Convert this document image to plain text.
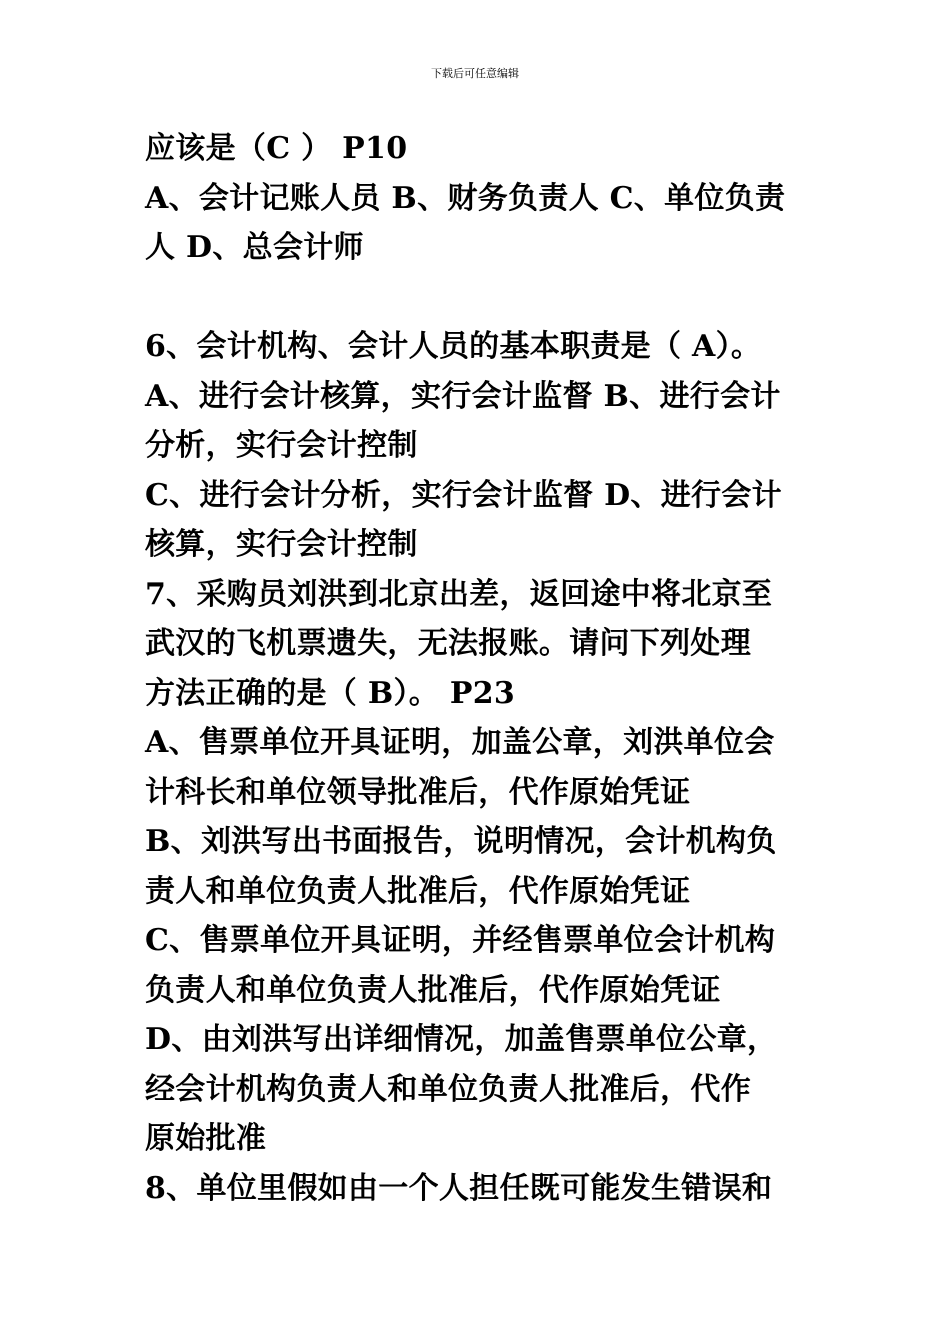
下载后可任意编辑
应该是（C ） P10
A、会计记账人员 B、财务负责人 C、单位负责
人 D、总会计师
6、会计机构、会计人员的基本职责是（ A）。
A、进行会计核算，实行会计监督 B、进行会计
分析，实行会计控制
C、进行会计分析，实行会计监督 D、进行会计
核算，实行会计控制
7、采购员刘洪到北京出差，返回途中将北京至
武汉的飞机票遗失，无法报账。请问下列处理
方法正确的是（ B）。 P23
A、售票单位开具证明，加盖公章，刘洪单位会
计科长和单位领导批准后，代作原始凭证
B、刘洪写出书面报告，说明情况，会计机构负
责人和单位负责人批准后，代作原始凭证
C、售票单位开具证明，并经售票单位会计机构
负责人和单位负责人批准后，代作原始凭证
D、由刘洪写出详细情况，加盖售票单位公章，
经会计机构负责人和单位负责人批准后，代作
原始批准
8、单位里假如由一个人担任既可能发生错误和
